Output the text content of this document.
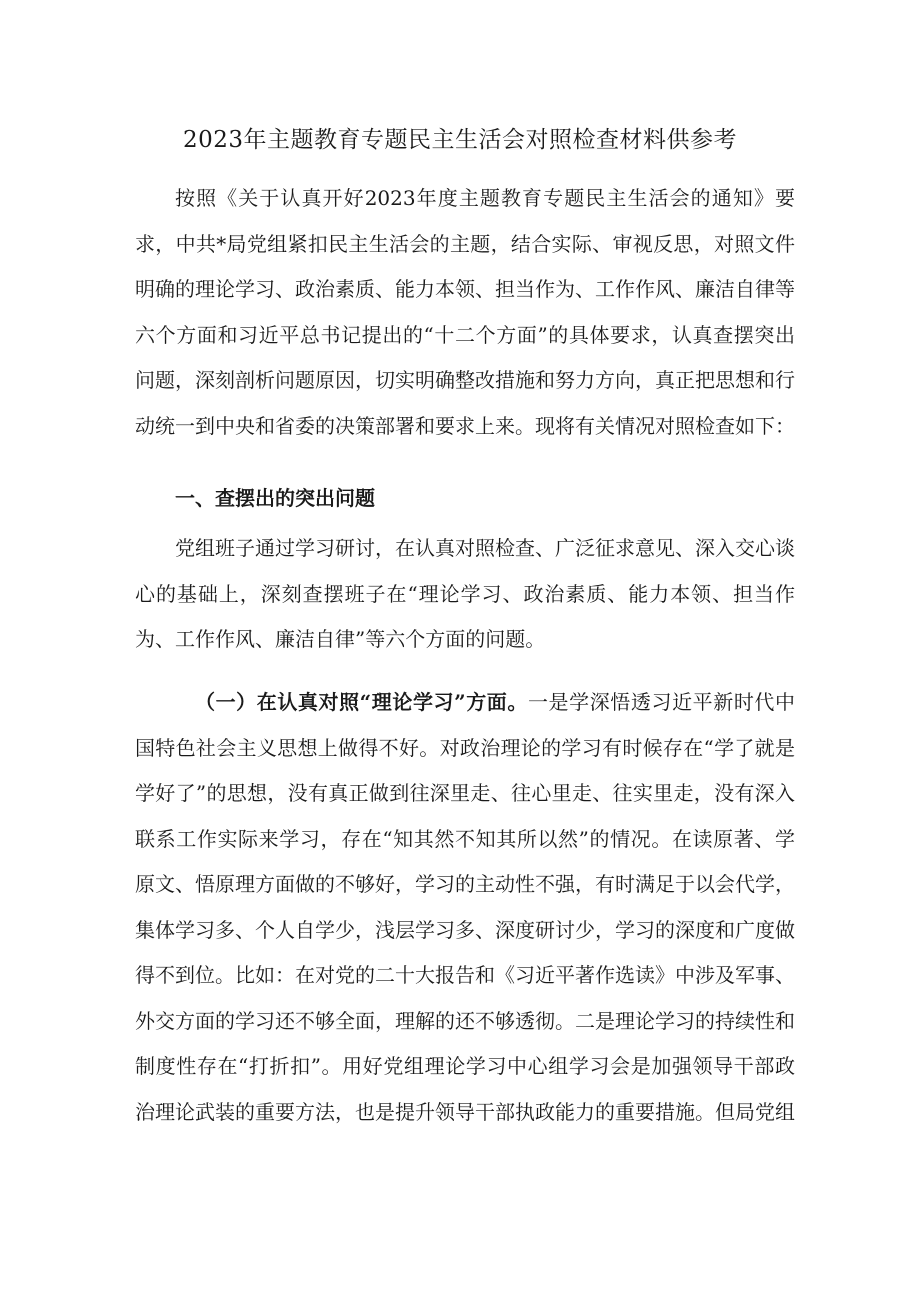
2023年主题教育专题民主生活会对照检查材料供参考

按照《关于认真开好2023年度主题教育专题民主生活会的通知》要求，中共*局党组紧扣民主生活会的主题，结合实际、审视反思，对照文件明确的理论学习、政治素质、能力本领、担当作为、工作作风、廉洁自律等六个方面和习近平总书记提出的“十二个方面”的具体要求，认真查摆突出问题，深刻剖析问题原因，切实明确整改措施和努力方向，真正把思想和行动统一到中央和省委的决策部署和要求上来。现将有关情况对照检查如下：

一、查摆出的突出问题

党组班子通过学习研讨，在认真对照检查、广泛征求意见、深入交心谈心的基础上，深刻查摆班子在“理论学习、政治素质、能力本领、担当作为、工作作风、廉洁自律”等六个方面的问题。

（一）在认真对照“理论学习”方面。一是学深悟透习近平新时代中国特色社会主义思想上做得不好。对政治理论的学习有时候存在“学了就是学好了”的思想，没有真正做到往深里走、往心里走、往实里走，没有深入联系工作实际来学习，存在“知其然不知其所以然”的情况。在读原著、学原文、悟原理方面做的不够好，学习的主动性不强，有时满足于以会代学，集体学习多、个人自学少，浅层学习多、深度研讨少，学习的深度和广度做得不到位。比如：在对党的二十大报告和《习近平著作选读》中涉及军事、外交方面的学习还不够全面，理解的还不够透彻。二是理论学习的持续性和制度性存在“打折扣”。用好党组理论学习中心组学习会是加强领导干部政治理论武装的重要方法，也是提升领导干部执政能力的重要措施。但局党组
